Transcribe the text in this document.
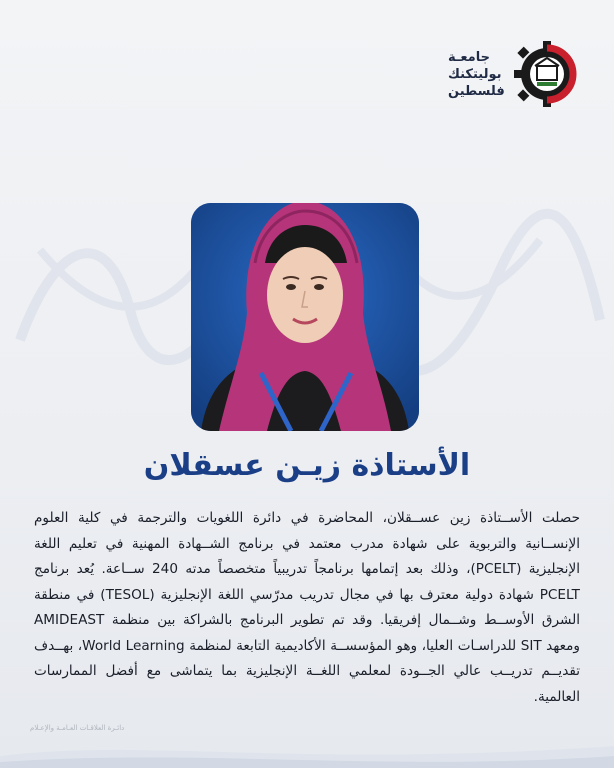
جامعـة
بوليتكنك
فلسطين
الأستاذة زيـن عسقلان

حصلت الأســتاذة زين عســقلان، المحاضرة في دائرة اللغويات والترجمة في كلية العلوم الإنســانية والتربوية على شهادة مدرب معتمد في برنامج الشــهادة المهنية في تعليم اللغة الإنجليزية (PCELT)، وذلك بعد إتمامها برنامجاً تدريبياً متخصصاً مدته 240 ســاعة. يُعد برنامج PCELT شهادة دولية معترف بها في مجال تدريب مدرّسي اللغة الإنجليزية (TESOL) في منطقة الشرق الأوســط وشــمال إفريقيا. وقد تم تطوير البرنامج بالشراكة بين منظمة AMIDEAST ومعهد SIT للدراسـات العليا، وهو المؤسســة الأكاديمية التابعة لمنظمة World Learning، بهــدف تقديــم تدريــب عالي الجــودة لمعلمي اللغــة الإنجليزية بما يتماشى مع أفضل الممارسات العالمية.

دائـرة العلاقـات العـامـة والإعـلام
